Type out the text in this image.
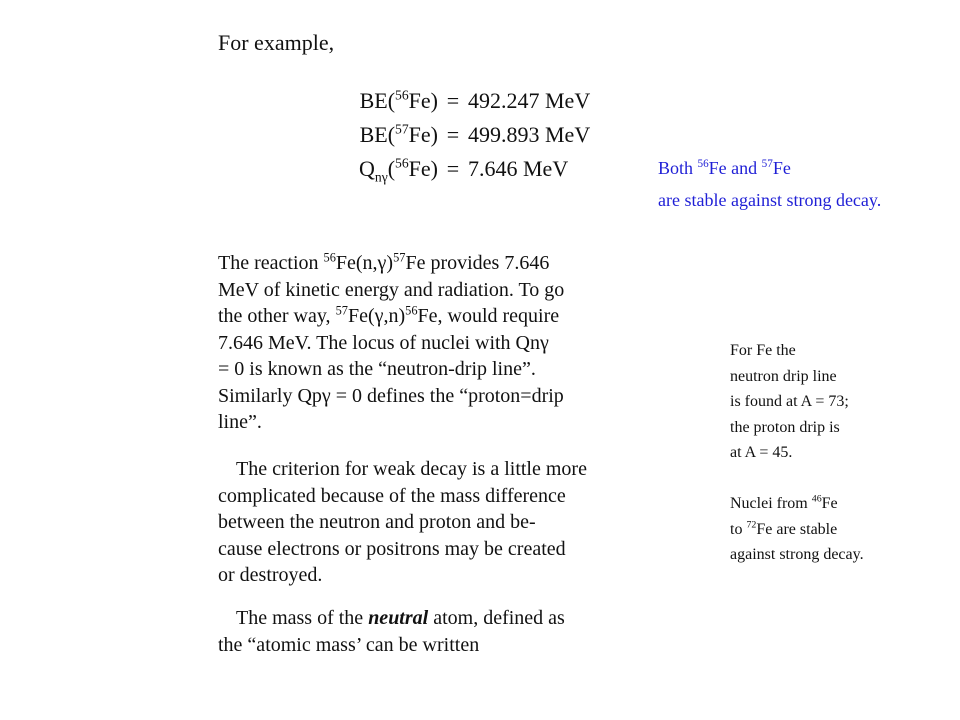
For example,
BE($^{56}$Fe) = 492.247 MeV
BE($^{57}$Fe) = 499.893 MeV
$Q_{n\gamma}(^{56}Fe) = 7.646$ MeV	Both $^{56}$Fe and $^{57}$Fe
are stable against strong decay.
The reaction $^{56}Fe(n,\gamma)^{57}Fe$ provides 7.646
MeV of kinetic energy and radiation. To go
the other way, $^{57}Fe(\gamma,n)^{56}Fe$, would require
7.646 MeV. The locus of nuclei with Qnγ
= 0 is known as the “neutron-drip line”.
Similarly Qpγ = 0 defines the “proton=drip
line”.
The criterion for weak decay is a little more
complicated because of the mass difference
between the neutron and proton and be-
cause electrons or positrons may be created
or destroyed.
The mass of the neutral atom, defined as
the “atomic mass’ can be written
For Fe the
neutron drip line
is found at A = 73;
the proton drip is
at A = 45.
Nuclei from $^{46}$Fe
to $^{72}$Fe are stable
against strong decay.
